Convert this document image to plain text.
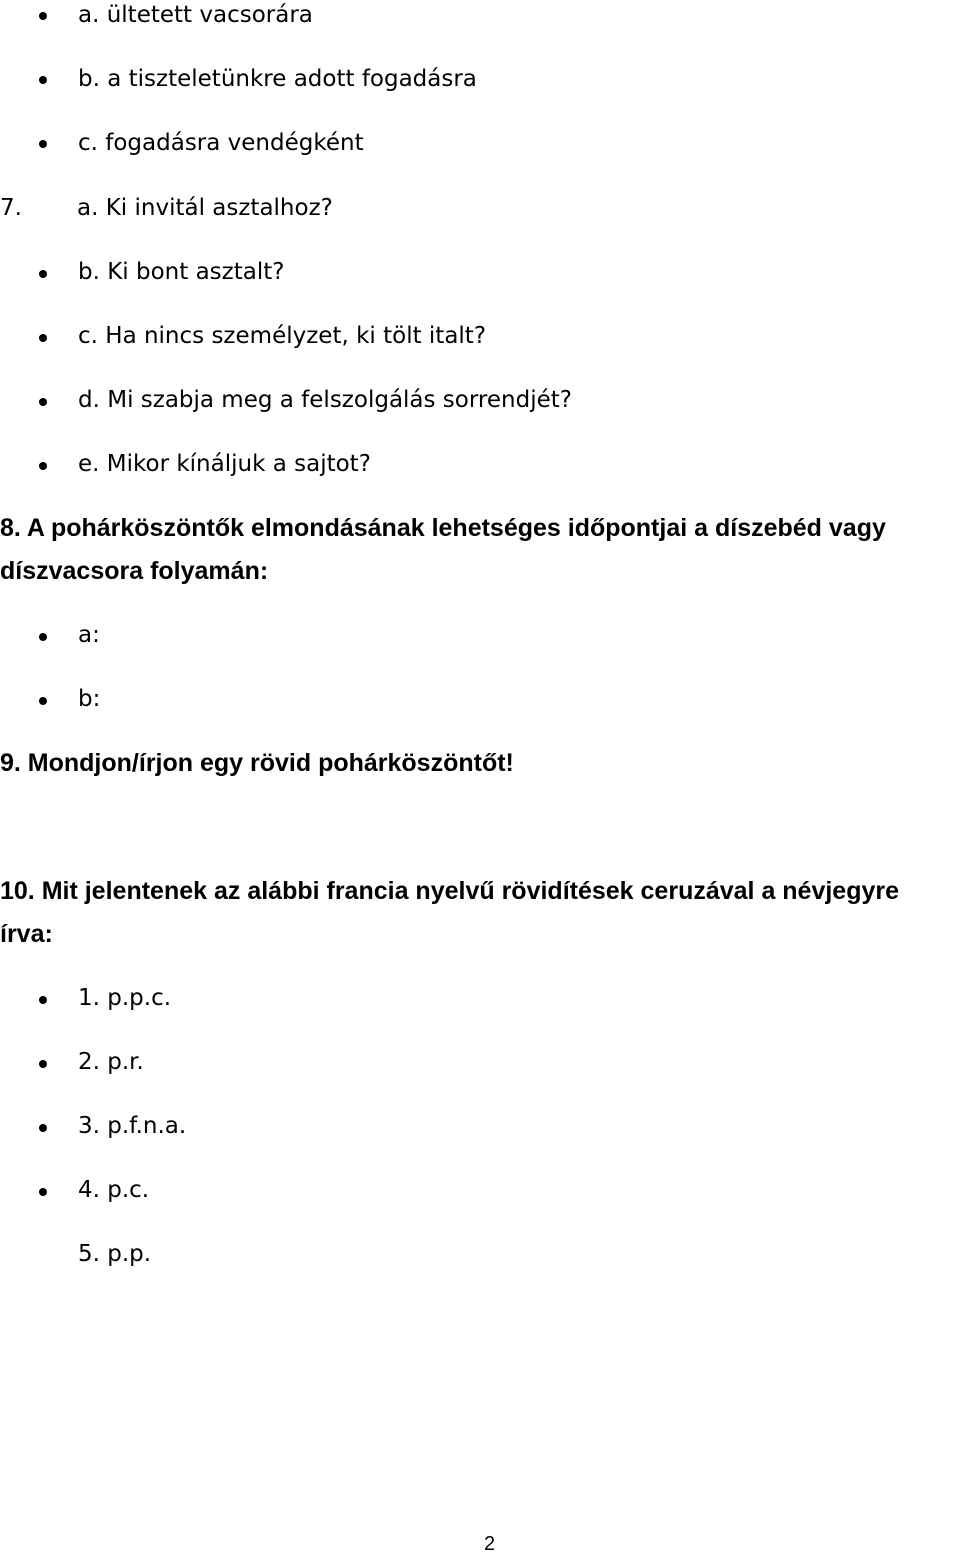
a. ültetett vacsorára
b. a tiszteletünkre adott fogadásra
c. fogadásra vendégként
7. a. Ki invitál asztalhoz?
b. Ki bont asztalt?
c. Ha nincs személyzet, ki tölt italt?
d. Mi szabja meg a felszolgálás sorrendjét?
e. Mikor kínáljuk a sajtot?
8. A pohárköszöntők elmondásának lehetséges időpontjai a díszebéd vagy
díszvacsora folyamán:
a:
b:
9. Mondjon/írjon egy rövid pohárköszöntőt!
10. Mit jelentenek az alábbi francia nyelvű rövidítések ceruzával a névjegyre
írva:
1. p.p.c.
2. p.r.
3. p.f.n.a.
4. p.c.
5. p.p.
2
